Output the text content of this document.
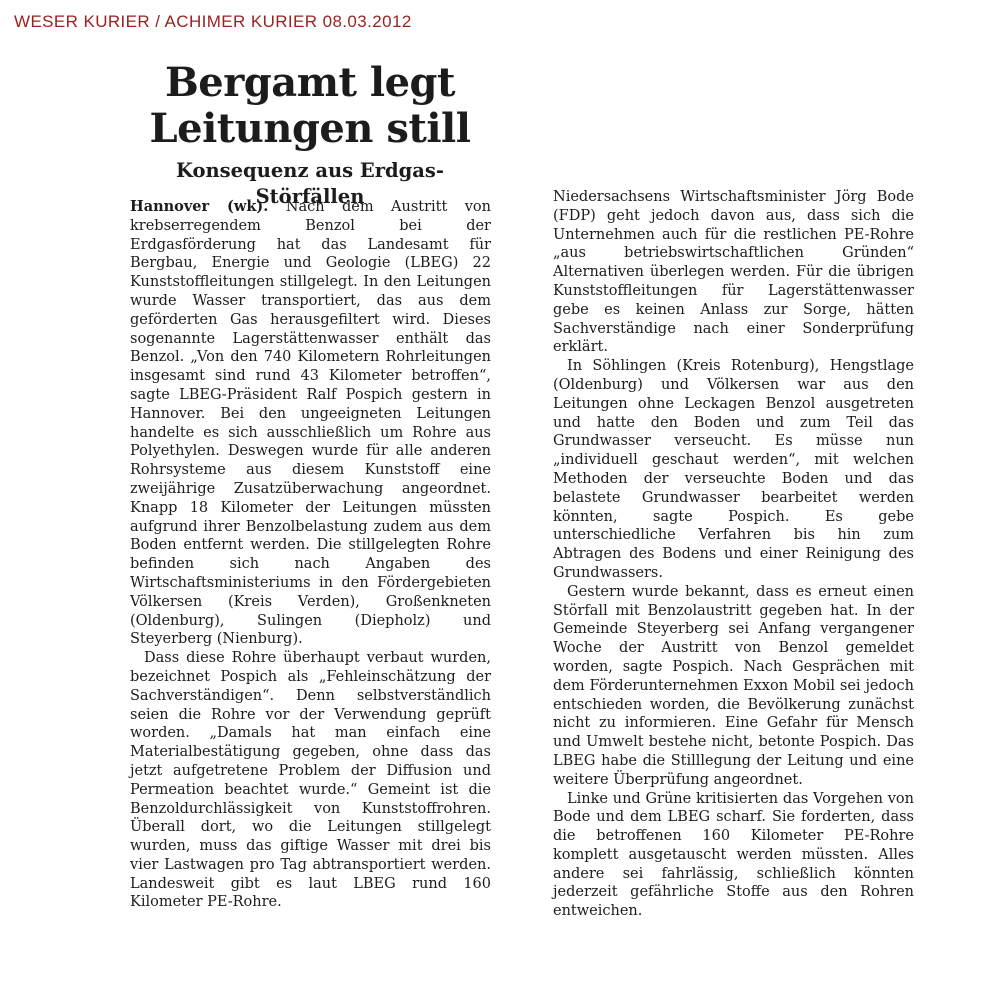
WESER KURIER / ACHIMER KURIER 08.03.2012
Bergamt legt
Leitungen still
Konsequenz aus Erdgas-Störfällen

Hannover (wk). Nach dem Austritt von krebserregendem Benzol bei der Erdgasförderung hat das Landesamt für Bergbau, Energie und Geologie (LBEG) 22 Kunststoffleitungen stillgelegt. In den Leitungen wurde Wasser transportiert, das aus dem geförderten Gas herausgefiltert wird. Dieses sogenannte Lagerstättenwasser enthält das Benzol. „Von den 740 Kilometern Rohrleitungen insgesamt sind rund 43 Kilometer betroffen“, sagte LBEG-Präsident Ralf Pospich gestern in Hannover. Bei den ungeeigneten Leitungen handelte es sich ausschließlich um Rohre aus Polyethylen. Deswegen wurde für alle anderen Rohrsysteme aus diesem Kunststoff eine zweijährige Zusatzüberwachung angeordnet. Knapp 18 Kilometer der Leitungen müssten aufgrund ihrer Benzolbelastung zudem aus dem Boden entfernt werden. Die stillgelegten Rohre befinden sich nach Angaben des Wirtschaftsministeriums in den Fördergebieten Völkersen (Kreis Verden), Großenkneten (Oldenburg), Sulingen (Diepholz) und Steyerberg (Nienburg).

Dass diese Rohre überhaupt verbaut wurden, bezeichnet Pospich als „Fehleinschätzung der Sachverständigen“. Denn selbstverständlich seien die Rohre vor der Verwendung geprüft worden. „Damals hat man einfach eine Materialbestätigung gegeben, ohne dass das jetzt aufgetretene Problem der Diffusion und Permeation beachtet wurde.“ Gemeint ist die Benzoldurchlässigkeit von Kunststoffrohren. Überall dort, wo die Leitungen stillgelegt wurden, muss das giftige Wasser mit drei bis vier Lastwagen pro Tag abtransportiert werden. Landesweit gibt es laut LBEG rund 160 Kilometer PE-Rohre.

Niedersachsens Wirtschaftsminister Jörg Bode (FDP) geht jedoch davon aus, dass sich die Unternehmen auch für die restlichen PE-Rohre „aus betriebswirtschaftlichen Gründen“ Alternativen überlegen werden. Für die übrigen Kunststoffleitungen für Lagerstättenwasser gebe es keinen Anlass zur Sorge, hätten Sachverständige nach einer Sonderprüfung erklärt.

In Söhlingen (Kreis Rotenburg), Hengstlage (Oldenburg) und Völkersen war aus den Leitungen ohne Leckagen Benzol ausgetreten und hatte den Boden und zum Teil das Grundwasser verseucht. Es müsse nun „individuell geschaut werden“, mit welchen Methoden der verseuchte Boden und das belastete Grundwasser bearbeitet werden könnten, sagte Pospich. Es gebe unterschiedliche Verfahren bis hin zum Abtragen des Bodens und einer Reinigung des Grundwassers.

Gestern wurde bekannt, dass es erneut einen Störfall mit Benzolaustritt gegeben hat. In der Gemeinde Steyerberg sei Anfang vergangener Woche der Austritt von Benzol gemeldet worden, sagte Pospich. Nach Gesprächen mit dem Förderunternehmen Exxon Mobil sei jedoch entschieden worden, die Bevölkerung zunächst nicht zu informieren. Eine Gefahr für Mensch und Umwelt bestehe nicht, betonte Pospich. Das LBEG habe die Stilllegung der Leitung und eine weitere Überprüfung angeordnet.

Linke und Grüne kritisierten das Vorgehen von Bode und dem LBEG scharf. Sie forderten, dass die betroffenen 160 Kilometer PE-Rohre komplett ausgetauscht werden müssten. Alles andere sei fahrlässig, schließlich könnten jederzeit gefährliche Stoffe aus den Rohren entweichen.
